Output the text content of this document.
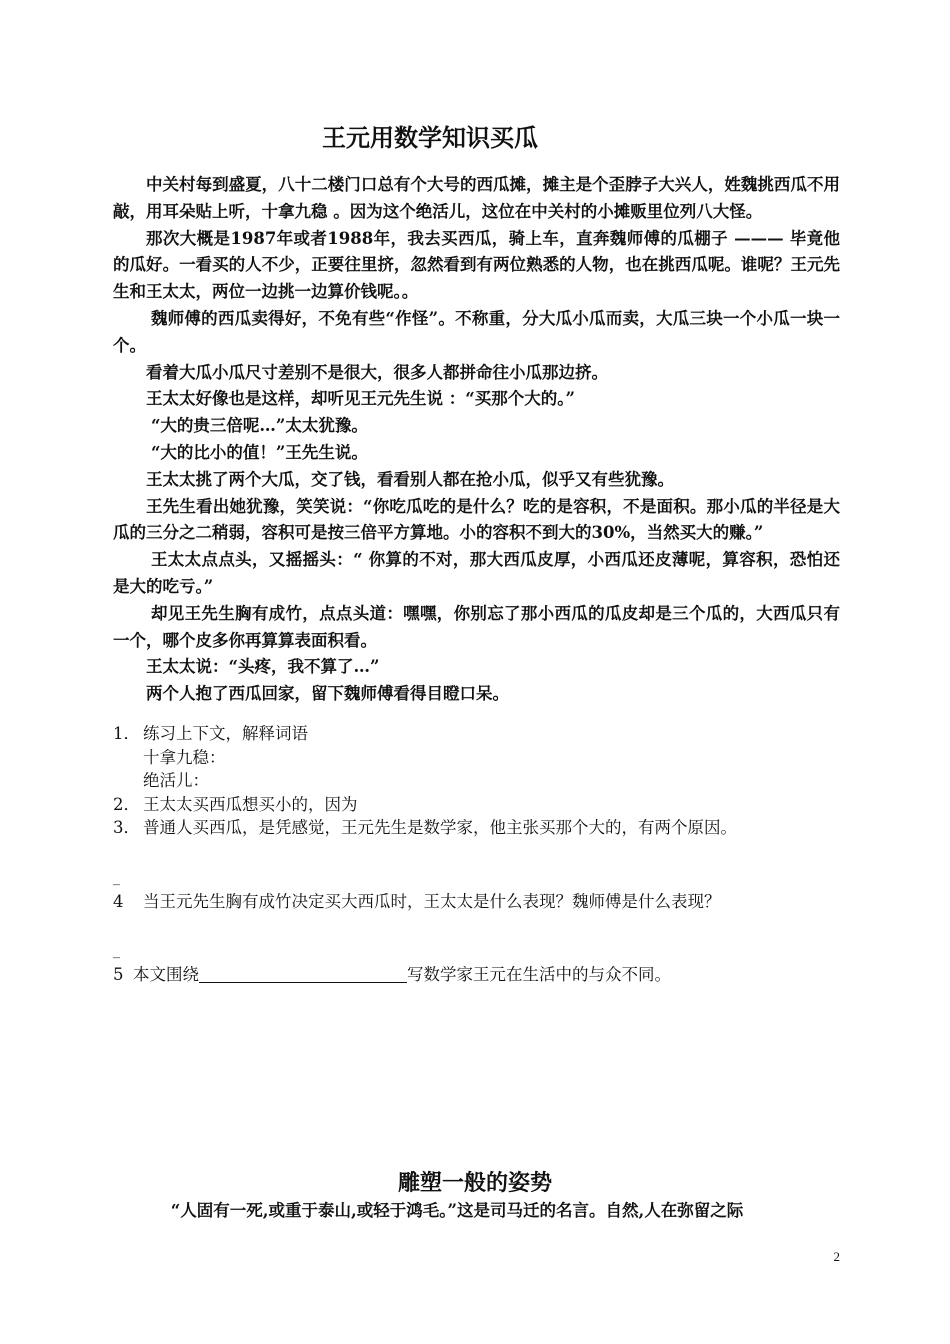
王元用数学知识买瓜

中关村每到盛夏，八十二楼门口总有个大号的西瓜摊，摊主是个歪脖子大兴人，姓魏挑西瓜不用敲，用耳朵贴上听，十拿九稳 。因为这个绝活儿，这位在中关村的小摊贩里位列八大怪。

那次大概是1987年或者1988年，我去买西瓜，骑上车，直奔魏师傅的瓜棚子 ——— 毕竟他的瓜好。一看买的人不少，正要往里挤，忽然看到有两位熟悉的人物，也在挑西瓜呢。谁呢？王元先生和王太太，两位一边挑一边算价钱呢。。

魏师傅的西瓜卖得好，不免有些“作怪”。不称重，分大瓜小瓜而卖，大瓜三块一个小瓜一块一个。

看着大瓜小瓜尺寸差别不是很大，很多人都拼命往小瓜那边挤。

王太太好像也是这样，却听见王元先生说 ：“买那个大的。”

“大的贵三倍呢…”太太犹豫。

“大的比小的值！”王先生说。

王太太挑了两个大瓜，交了钱，看看别人都在抢小瓜，似乎又有些犹豫。

王先生看出她犹豫，笑笑说：“你吃瓜吃的是什么？吃的是容积，不是面积。那小瓜的半径是大瓜的三分之二稍弱，容积可是按三倍平方算地。小的容积不到大的30%，当然买大的赚。”

王太太点点头，又摇摇头：“ 你算的不对，那大西瓜皮厚，小西瓜还皮薄呢，算容积，恐怕还是大的吃亏。”

却见王先生胸有成竹，点点头道：嘿嘿，你别忘了那小西瓜的瓜皮却是三个瓜的，大西瓜只有一个，哪个皮多你再算算表面积看。

王太太说：“头疼，我不算了…”

两个人抱了西瓜回家，留下魏师傅看得目瞪口呆。

1． 练习上下文，解释词语

十拿九稳：

绝活儿：

2． 王太太买西瓜想买小的，因为

3． 普通人买西瓜，是凭感觉，王元先生是数学家，他主张买那个大的，有两个原因。

_

4 当王元先生胸有成竹决定买大西瓜时，王太太是什么表现？魏师傅是什么表现？

_

5 本文围绕	写数学家王元在生活中的与众不同。

雕塑一般的姿势
“人固有一死,或重于泰山,或轻于鸿毛。”这是司马迁的名言。自然,人在弥留之际
2
